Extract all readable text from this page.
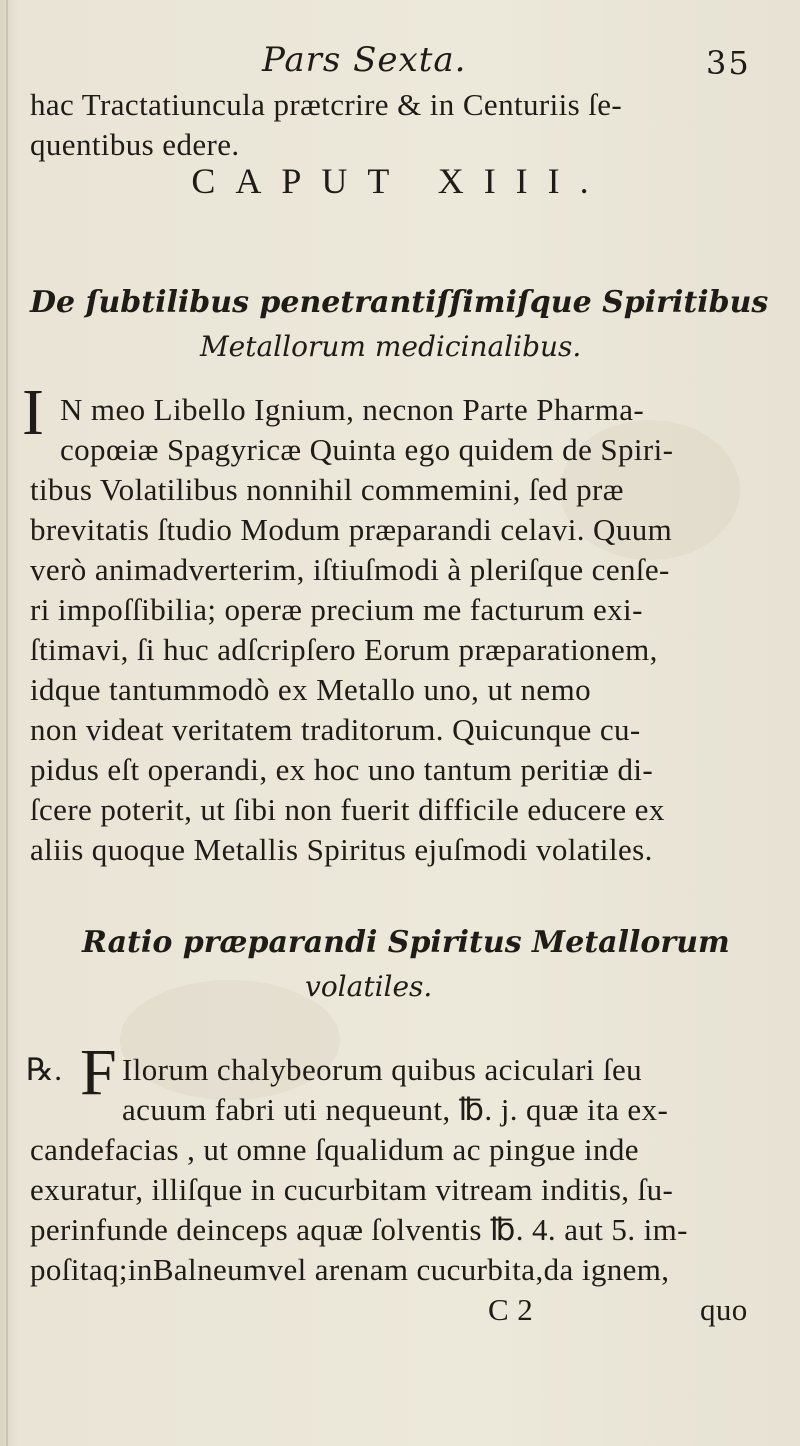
Pars Sexta.	35
hac Tractatiuncula prætcrire & in Centuriis ſe-
quentibus edere.
CAPUT XIII.
De ſubtilibus penetrantiſſimiſque Spiritibus
Metallorum medicinalibus.
I N meo Libello Ignium, necnon Parte Pharma-
copœiæ Spagyricæ Quinta ego quidem de Spiri-
tibus Volatilibus nonnihil commemini, ſed præ
brevitatis ſtudio Modum præparandi celavi. Quum
verò animadverterim, iſtiuſmodi à pleriſque cenſe-
ri impoſſibilia; operæ precium me facturum exi-
ſtimavi, ſi huc adſcripſero Eorum præparationem,
idque tantummodò ex Metallo uno, ut nemo
non videat veritatem traditorum. Quicunque cu-
pidus eſt operandi, ex hoc uno tantum peritiæ di-
ſcere poterit, ut ſibi non fuerit difficile educere ex
aliis quoque Metallis Spiritus ejuſmodi volatiles.
Ratio præparandi Spiritus Metallorum
volatiles.
℞. F Ilorum chalybeorum quibus aciculari ſeu
acuum fabri uti nequeunt, ℔. j. quæ ita ex-
candefacias , ut omne ſqualidum ac pingue inde
exuratur, illiſque in cucurbitam vitream inditis, ſu-
perinfunde deinceps aquæ ſolventis ℔. 4. aut 5. im-
poſitaq;inBalneumvel arenam cucurbita,da ignem,
C 2	quo
